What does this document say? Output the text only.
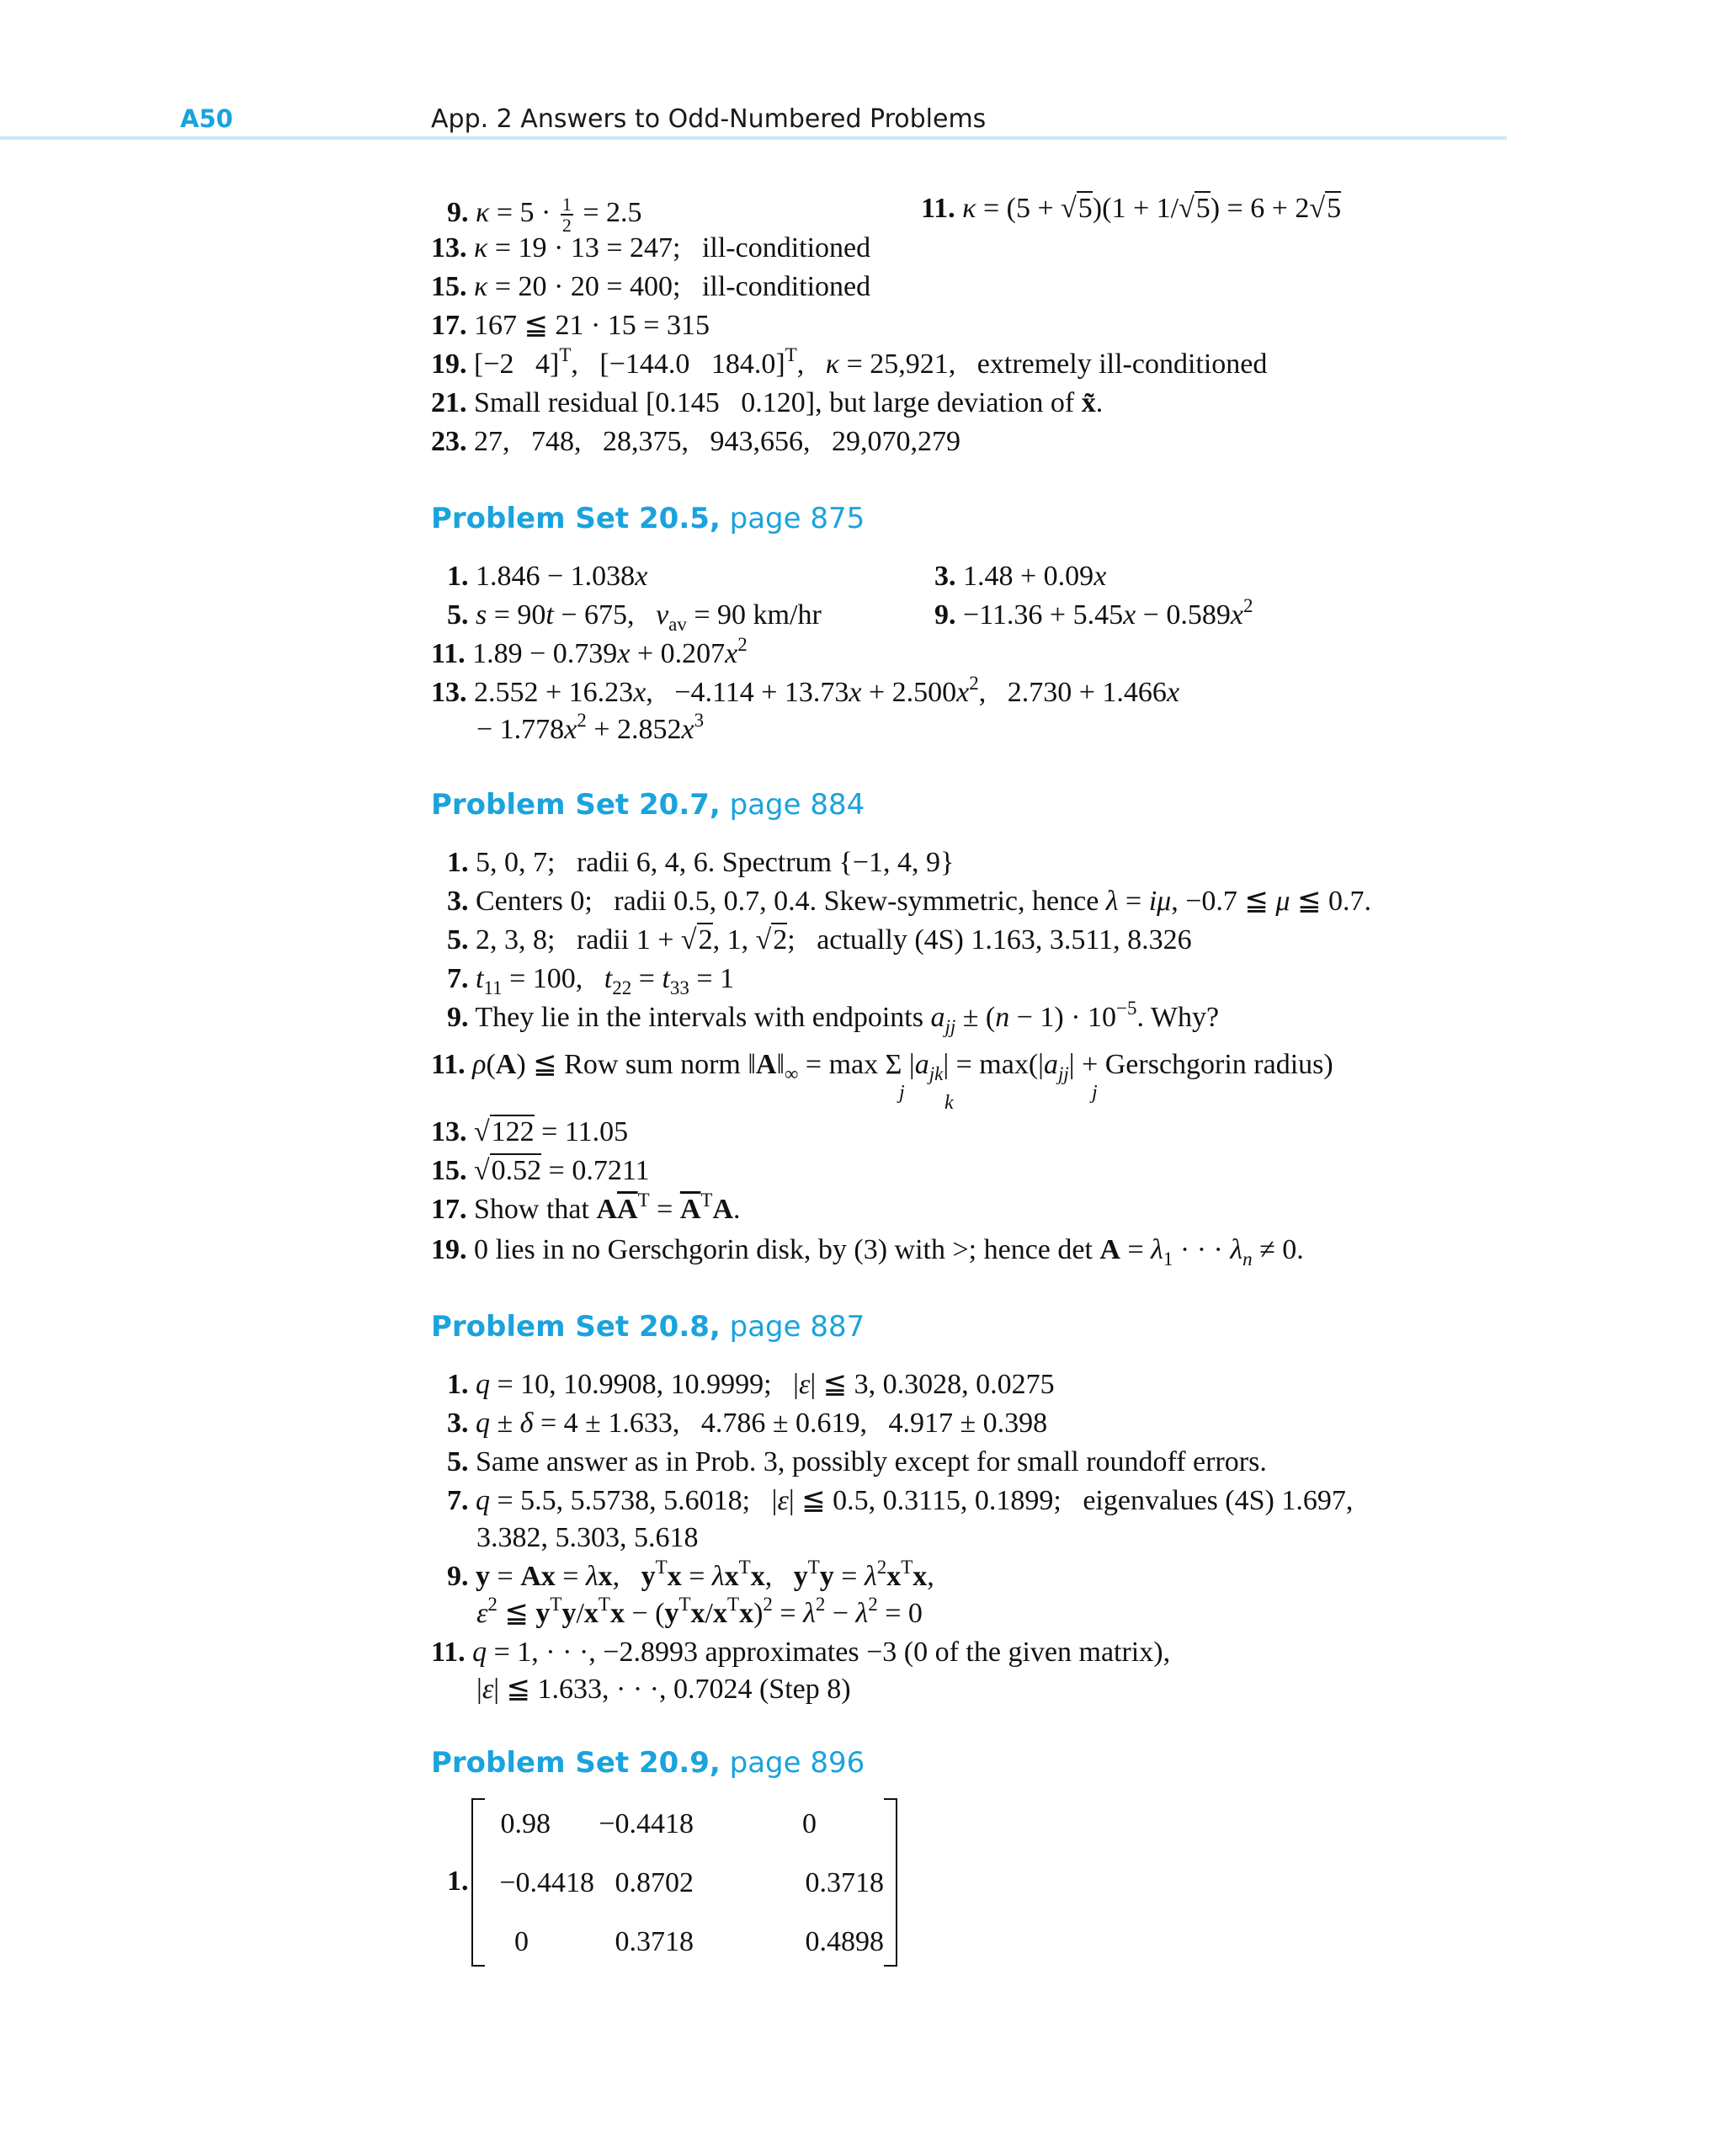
A50	App. 2 Answers to Odd-Numbered Problems
9. $\kappa = 5 \cdot \frac{1}{2} = 2.5$	11. κ = (5 + √5)(1 + 1/√5) = 6 + 2√5
13. κ = 19 · 13 = 247;   ill-conditioned
15. κ = 20 · 20 = 400;   ill-conditioned
17. 167 ≦ 21 · 15 = 315
19. [−2   4]$^T$,   [−144.0   184.0]$^T$,   κ = 25,921,   extremely ill-conditioned
21. Small residual [0.145   0.120], but large deviation of x̃.
23. 27,   748,   28,375,   943,656,   29,070,279
Problem Set 20.5, page 875
1. 1.846 − 1.038x	3. 1.48 + 0.09x
5. s = 90t − 675,   $v_{av} = 90$ km/hr	9. $-11.36 + 5.45x - 0.589x^2$
11. $1.89 - 0.739x + 0.207x^2$
13. 2.552 + 16.23x,   $-4.114 + 13.73x + 2.500x^2$,   2.730 + 1.466x
− $1.778x^2 + 2.852x^3$
Problem Set 20.7, page 884
1. 5, 0, 7;   radii 6, 4, 6. Spectrum {−1, 4, 9}
3. Centers 0;   radii 0.5, 0.7, 0.4. Skew-symmetric, hence λ = iμ, −0.7 ≦ μ ≦ 0.7.
5. 2, 3, 8;   radii 1 + √2, 1, √2;   actually (4S) 1.163, 3.511, 8.326
7. $t_{11} = 100$,   $t_{22} = t_{33} = 1$
9. They lie in the intervals with endpoints $a_{jj} \pm (n - 1) \cdot 10^{-5}$. Why?
11. ρ(A) ≦ Row sum norm $‖A‖_\infty = \max \Sigma$ $|a_{jk}| = \max(|a_{jj}|$ + Gerschgorin radius)
j k	j
13. √122 = 11.05
15. √0.52 = 0.7211
17. Show that $A\overline{A}^T = \overline{A}^TA$.
19. 0 lies in no Gerschgorin disk, by (3) with >; hence $\det A = \lambda_1$ · · · $\lambda_n \ne 0$.
Problem Set 20.8, page 887
1. q = 10, 10.9908, 10.9999;   |ε| ≦ 3, 0.3028, 0.0275
3. q ± δ = 4 ± 1.633,   4.786 ± 0.619,   4.917 ± 0.398
5. Same answer as in Prob. 3, possibly except for small roundoff errors.
7. q = 5.5, 5.5738, 5.6018;   |ε| ≦ 0.5, 0.3115, 0.1899;   eigenvalues (4S) 1.697,
3.382, 5.303, 5.618
9. y = Ax = λx,   $y^Tx = \lambda x^Tx$,   $y^Ty = \lambda^2x^Tx$,
$\varepsilon^2$ ≦ $y^Ty/x^Tx - (y^Tx/x^Tx)^2 = \lambda^2 - \lambda^2 = 0$
11. q = 1, · · ·, −2.8993 approximates −3 (0 of the given matrix),
|ε| ≦ 1.633, · · ·, 0.7024 (Step 8)
Problem Set 20.9, page 896
1.
0.98 −0.4418	0
−0.4418 0.8702	0.3718
0	0.3718	0.4898
